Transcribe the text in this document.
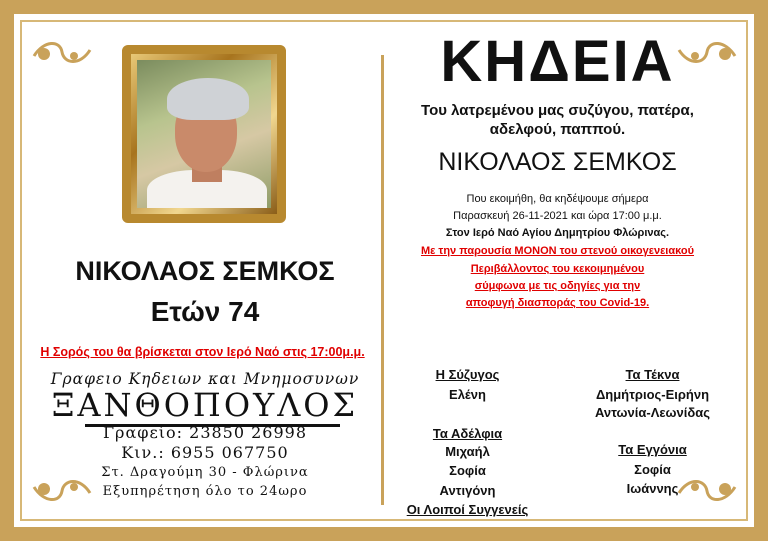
ΝΙΚΟΛΑΟΣ ΣΕΜΚΟΣ
Ετών 74
Η Σορός του θα βρίσκεται στον Ιερό Ναό στις 17:00μ.μ.
Γραφειο Κηδειων και Μνημοσυνων
ΞΑΝΘΟΠΟΥΛΟΣ
Γραφείο: 23850 26998
Κιν.: 6955 067750
Στ. Δραγούμη 30 - Φλώρινα
Εξυπηρέτηση όλο το 24ωρο
ΚΗΔΕΙΑ
Του λατρεμένου μας συζύγου, πατέρα,
αδελφού, παππού.
ΝΙΚΟΛΑΟΣ ΣΕΜΚΟΣ
Που εκοιμήθη, θα κηδέψουμε σήμερα
Παρασκευή 26-11-2021 και ώρα 17:00 μ.μ.
Στον Ιερό Ναό Αγίου Δημητρίου Φλώρινας.
Με την παρουσία ΜΟΝΟΝ του στενού οικογενειακού
Περιβάλλοντος του κεκοιμημένου
σύμφωνα με τις οδηγίες για την
αποφυγή διασποράς του Covid-19.
Η Σύζυγος
Ελένη
Τα Τέκνα
Δημήτριος-Ειρήνη
Αντωνία-Λεωνίδας
Τα Αδέλφια
Μιχαήλ
Σοφία
Αντιγόνη
Οι Λοιποί Συγγενείς
Τα Εγγόνια
Σοφία
Ιωάννης
